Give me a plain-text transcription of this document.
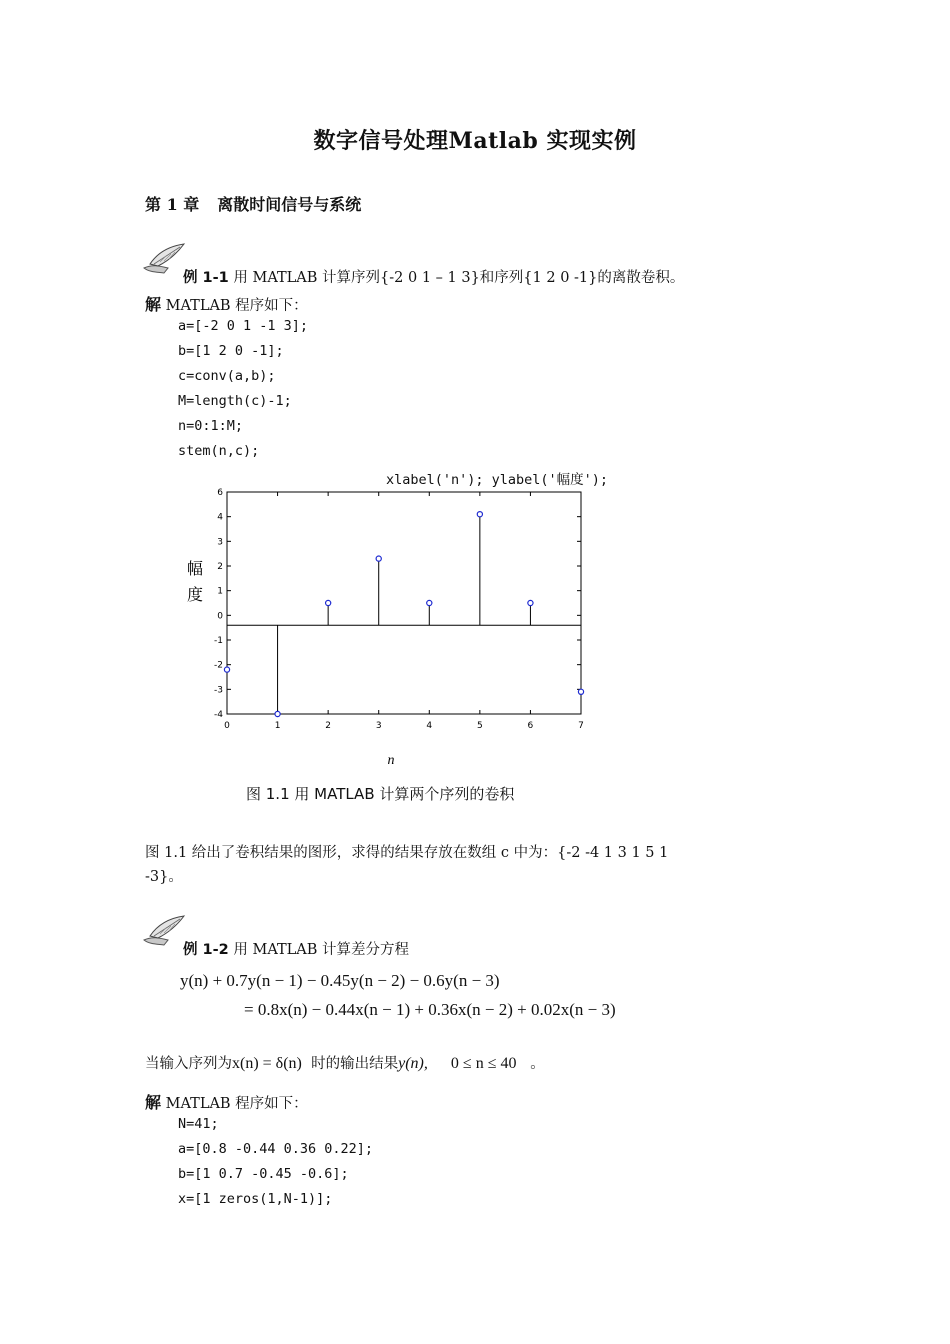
数字信号处理Matlab 实现实例
第 1 章 离散时间信号与系统
例 1-1 用 MATLAB 计算序列{-2 0 1 – 1 3}和序列{1 2 0 -1}的离散卷积。
解 MATLAB 程序如下：
a=[-2 0 1 -1 3];
b=[1 2 0 -1];
c=conv(a,b);
M=length(c)-1;
n=0:1:M;
stem(n,c);
xlabel('n'); ylabel('幅度');
6
4
3
2
1
0
-1
-2
-3
-4
0	1	2	3	4	5	6	7
幅
度
n
图 1.1 用 MATLAB 计算两个序列的卷积
图 1.1 给出了卷积结果的图形，求得的结果存放在数组 c 中为：{-2 -4 1 3 1 5 1
-3}。
例 1-2 用 MATLAB 计算差分方程
y(n) + 0.7y(n − 1) − 0.45y(n − 2) − 0.6y(n − 3)
= 0.8x(n) − 0.44x(n − 1) + 0.36x(n − 2) + 0.02x(n − 3)
当输入序列为x(n) = δ(n) 时的输出结果y(n), 0 ≤ n ≤ 40 。
解 MATLAB 程序如下：
N=41;
a=[0.8 -0.44 0.36 0.22];
b=[1 0.7 -0.45 -0.6];
x=[1 zeros(1,N-1)];
